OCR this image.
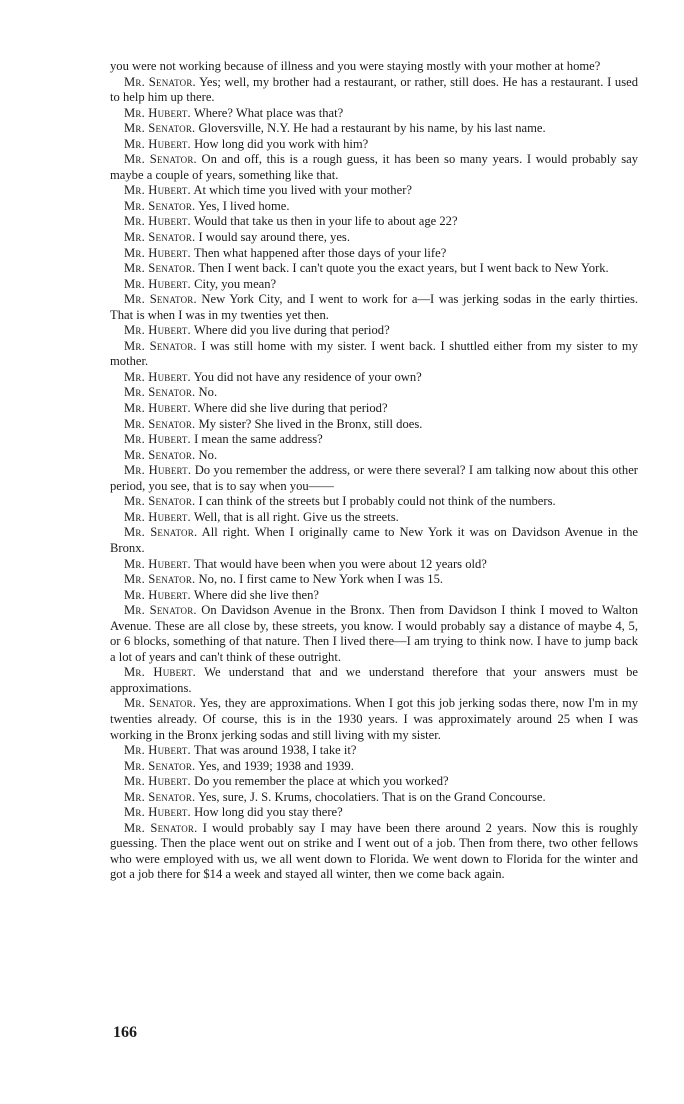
you were not working because of illness and you were staying mostly with your mother at home?

Mr. Senator. Yes; well, my brother had a restaurant, or rather, still does. He has a restaurant. I used to help him up there.

Mr. Hubert. Where? What place was that?

Mr. Senator. Gloversville, N.Y. He had a restaurant by his name, by his last name.

Mr. Hubert. How long did you work with him?

Mr. Senator. On and off, this is a rough guess, it has been so many years. I would probably say maybe a couple of years, something like that.

Mr. Hubert. At which time you lived with your mother?

Mr. Senator. Yes, I lived home.

Mr. Hubert. Would that take us then in your life to about age 22?

Mr. Senator. I would say around there, yes.

Mr. Hubert. Then what happened after those days of your life?

Mr. Senator. Then I went back. I can't quote you the exact years, but I went back to New York.

Mr. Hubert. City, you mean?

Mr. Senator. New York City, and I went to work for a—I was jerking sodas in the early thirties. That is when I was in my twenties yet then.

Mr. Hubert. Where did you live during that period?

Mr. Senator. I was still home with my sister. I went back. I shuttled either from my sister to my mother.

Mr. Hubert. You did not have any residence of your own?

Mr. Senator. No.

Mr. Hubert. Where did she live during that period?

Mr. Senator. My sister? She lived in the Bronx, still does.

Mr. Hubert. I mean the same address?

Mr. Senator. No.

Mr. Hubert. Do you remember the address, or were there several? I am talking now about this other period, you see, that is to say when you——

Mr. Senator. I can think of the streets but I probably could not think of the numbers.

Mr. Hubert. Well, that is all right. Give us the streets.

Mr. Senator. All right. When I originally came to New York it was on Davidson Avenue in the Bronx.

Mr. Hubert. That would have been when you were about 12 years old?

Mr. Senator. No, no. I first came to New York when I was 15.

Mr. Hubert. Where did she live then?

Mr. Senator. On Davidson Avenue in the Bronx. Then from Davidson I think I moved to Walton Avenue. These are all close by, these streets, you know. I would probably say a distance of maybe 4, 5, or 6 blocks, something of that nature. Then I lived there—I am trying to think now. I have to jump back a lot of years and can't think of these outright.

Mr. Hubert. We understand that and we understand therefore that your answers must be approximations.

Mr. Senator. Yes, they are approximations. When I got this job jerking sodas there, now I'm in my twenties already. Of course, this is in the 1930 years. I was approximately around 25 when I was working in the Bronx jerking sodas and still living with my sister.

Mr. Hubert. That was around 1938, I take it?

Mr. Senator. Yes, and 1939; 1938 and 1939.

Mr. Hubert. Do you remember the place at which you worked?

Mr. Senator. Yes, sure, J. S. Krums, chocolatiers. That is on the Grand Concourse.

Mr. Hubert. How long did you stay there?

Mr. Senator. I would probably say I may have been there around 2 years. Now this is roughly guessing. Then the place went out on strike and I went out of a job. Then from there, two other fellows who were employed with us, we all went down to Florida. We went down to Florida for the winter and got a job there for $14 a week and stayed all winter, then we come back again.

166
